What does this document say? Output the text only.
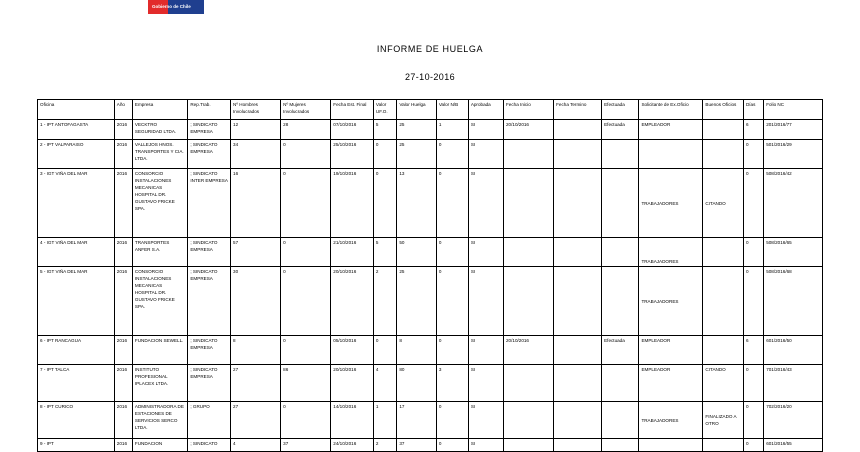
Gobierno de Chile
INFORME DE HUELGA
27-10-2016
Oficina	Año	Empresa	Rep.Trab.	Nº Hombres Involucrados	Nº Mujeres Involucrados	Fecha Est. Final	Valor UF.O.	Valor Huelga	Valor N/B	Aprobada	Fecha Inicio	Fecha Termino	Efectuada	Solicitante de Ex.Oficio	Buenos Oficios	Días	Folio NC
1 - IPT ANTOFAGASTA	2016	VECKTRO SEGURIDAD LTDA.	; SINDICATO EMPRESA	12	28	07/10/2016	5	25	1	SI	20/10/2016		Efectuada	EMPLEADOR		6	201/2016/77
2 - IPT VALPARAISO	2016	VALLEJOS HNOS. TRANSPORTES Y CIA. LTDA.	; SINDICATO EMPRESA	34	0	25/10/2016	0	25	0	SI						0	501/2016/29
3 - IGT VIÑA DEL MAR	2016	CONSORCIO INSTALACIONES MECANICAS HOSPITAL DR. GUSTAVO FRICKE SPA.	; SINDICATO INTER EMPRESA	16	0	19/10/2016	0	13	0	SI				TRABAJADORES	CITANDO	0	508/2016/42
4 - IGT VIÑA DEL MAR	2016	TRANSPORTES ANFER S.A.	; SINDICATO EMPRESA	57	0	21/10/2016	5	50	0	SI				TRABAJADORES		0	508/2016/65
5 - IGT VIÑA DEL MAR	2016	CONSORCIO INSTALACIONES MECANICAS HOSPITAL DR. GUSTAVO FRICKE SPA.	; SINDICATO EMPRESA	30	0	20/10/2016	2	25	0	SI				TRABAJADORES		0	508/2016/68
6 - IPT RANCAGUA	2016	FUNDACION SEWELL.	; SINDICATO EMPRESA	8	0	05/10/2016	0	8	0	SI	20/10/2016		Efectuada	EMPLEADOR		6	601/2016/50
7 - IPT TALCA	2016	INSTITUTO PROFESIONAL IPLACEX LTDA.	; SINDICATO EMPRESA	27	86	20/10/2016	4	80	3	SI				EMPLEADOR	CITANDO	0	701/2016/43
8 - IPT CURICO	2016	ADMINISTRADORA DE ESTACIONES DE SERVICIOS SERCO LTDA.	; GRUPO	27	0	14/10/2016	1	17	0	SI				TRABAJADORES	FINALIZADO A OTRO	0	702/2016/20
9 - IPT	2016	FUNDACION	; SINDICATO	4	37	24/10/2016	2	37	0	SI						0	601/2016/55
